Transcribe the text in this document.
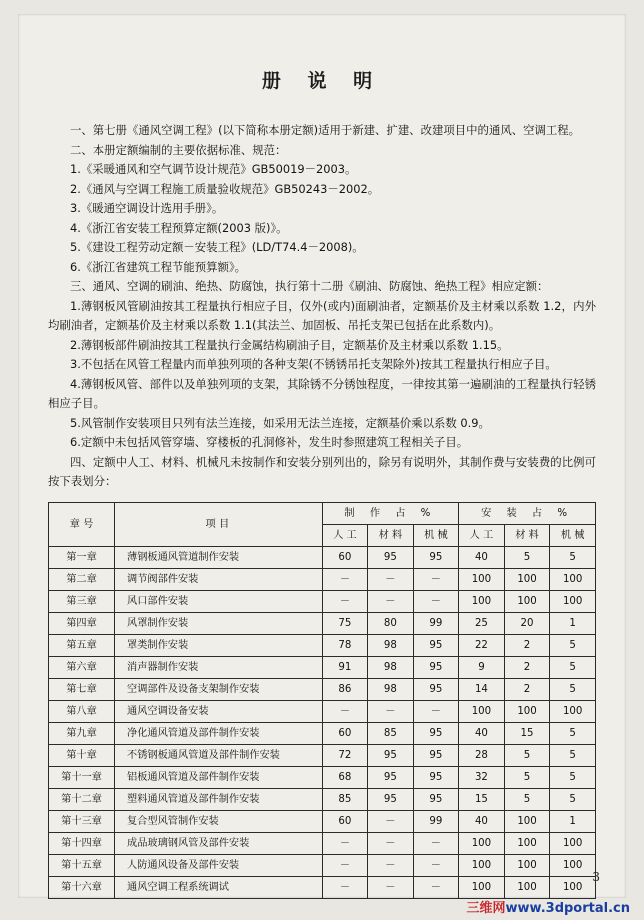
册 说 明

一、第七册《通风空调工程》(以下简称本册定额)适用于新建、扩建、改建项目中的通风、空调工程。

二、本册定额编制的主要依据标准、规范：

1.《采暖通风和空气调节设计规范》GB50019－2003。

2.《通风与空调工程施工质量验收规范》GB50243－2002。

3.《暖通空调设计选用手册》。

4.《浙江省安装工程预算定额(2003 版)》。

5.《建设工程劳动定额－安装工程》(LD/T74.4－2008)。

6.《浙江省建筑工程节能预算额》。

三、通风、空调的刷油、绝热、防腐蚀，执行第十二册《刷油、防腐蚀、绝热工程》相应定额：

1.薄钢板风管刷油按其工程量执行相应子目，仅外(或内)面刷油者，定额基价及主材乘以系数 1.2，内外均刷油者，定额基价及主材乘以系数 1.1(其法兰、加固板、吊托支架已包括在此系数内)。

2.薄钢板部件刷油按其工程量执行金属结构刷油子目，定额基价及主材乘以系数 1.15。

3.不包括在风管工程量内而单独列项的各种支架(不锈锈吊托支架除外)按其工程量执行相应子目。

4.薄钢板风管、部件以及单独列项的支架，其除锈不分锈蚀程度，一律按其第一遍刷油的工程量执行轻锈相应子目。

5.风管制作安装项目只列有法兰连接，如采用无法兰连接，定额基价乘以系数 0.9。

6.定额中未包括风管穿墙、穿楼板的孔洞修补，发生时参照建筑工程相关子目。

四、定额中人工、材料、机械凡未按制作和安装分别列出的，除另有说明外，其制作费与安装费的比例可按下表划分：

章 号	项 目	制 作 占 %			安 装 占 %		
		人 工	材 料	机 械	人 工	材 料	机 械
第一章	薄钢板通风管道制作安装	60	95	95	40	5	5
第二章	调节阀部件安装	－	－	－	100	100	100
第三章	风口部件安装	－	－	－	100	100	100
第四章	风罩制作安装	75	80	99	25	20	1
第五章	罩类制作安装	78	98	95	22	2	5
第六章	消声器制作安装	91	98	95	9	2	5
第七章	空调部件及设备支架制作安装	86	98	95	14	2	5
第八章	通风空调设备安装	－	－	－	100	100	100
第九章	净化通风管道及部件制作安装	60	85	95	40	15	5
第十章	不锈钢板通风管道及部件制作安装	72	95	95	28	5	5
第十一章	铝板通风管道及部件制作安装	68	95	95	32	5	5
第十二章	塑料通风管道及部件制作安装	85	95	95	15	5	5
第十三章	复合型风管制作安装	60	－	99	40	100	1
第十四章	成品玻璃钢风管及部件安装	－	－	－	100	100	100
第十五章	人防通风设备及部件安装	－	－	－	100	100	100
第十六章	通风空调工程系统调试	－	－	－	100	100	100
3
三维网www.3dportal.cn
